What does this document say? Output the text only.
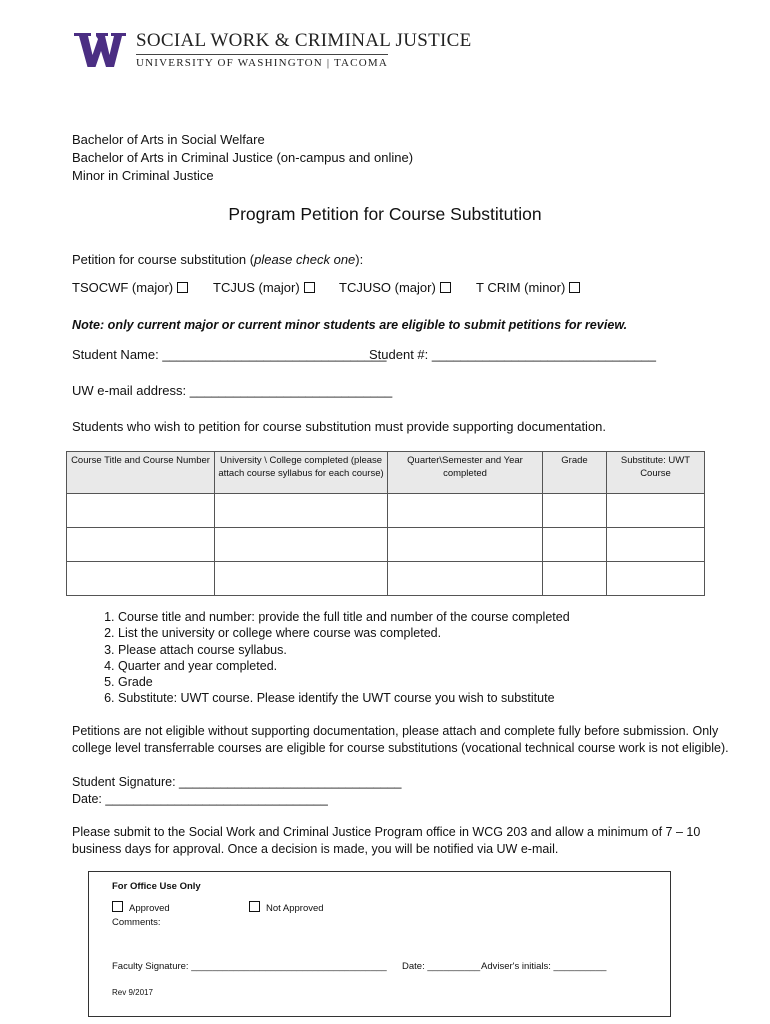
SOCIAL WORK & CRIMINAL JUSTICE
UNIVERSITY OF WASHINGTON | TACOMA
Bachelor of Arts in Social Welfare
Bachelor of Arts in Criminal Justice (on-campus and online)
Minor in Criminal Justice
Program Petition for Course Substitution
Petition for course substitution (please check one):
TSOCWF (major)	TCJUS (major)	TCJUSO (major)	T CRIM (minor)
Note: only current major or current minor students are eligible to submit petitions for review.
Student Name: _______________________________
Student #: _______________________________
UW e-mail address: ____________________________
Students who wish to petition for course substitution must provide supporting documentation.
Course Title and Course Number	University \ College completed (please attach course syllabus for each course)	Quarter\Semester and Year completed	Grade	Substitute: UWT Course

1. Course title and number: provide the full title and number of the course completed
2. List the university or college where course was completed.
3. Please attach course syllabus.
4. Quarter and year completed.
5. Grade
6. Substitute: UWT course. Please identify the UWT course you wish to substitute
Petitions are not eligible without supporting documentation, please attach and complete fully before submission. Only
college level transferrable courses are eligible for course substitutions (vocational technical course work is not eligible).
Student Signature: ________________________________
Date: ________________________________
Please submit to the Social Work and Criminal Justice Program office in WCG 203 and allow a minimum of 7 – 10
business days for approval. Once a decision is made, you will be notified via UW e-mail.
For Office Use Only
Approved	Not Approved
Comments:
Faculty Signature: _____________________________________ Date: __________ Adviser's initials: __________
Rev 9/2017
